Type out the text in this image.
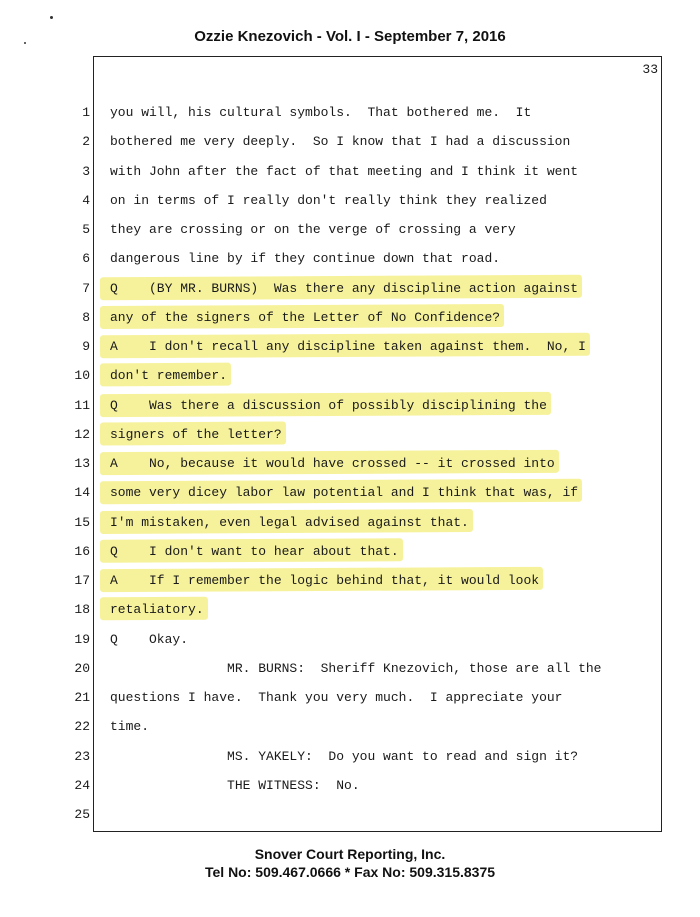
Ozzie Knezovich - Vol. I - September 7, 2016
33
1 you will, his cultural symbols.  That bothered me.  It
2 bothered me very deeply.  So I know that I had a discussion
3 with John after the fact of that meeting and I think it went
4 on in terms of I really don't really think they realized
5 they are crossing or on the verge of crossing a very
6 dangerous line by if they continue down that road.
7 Q    (BY MR. BURNS)  Was there any discipline action against
8 any of the signers of the Letter of No Confidence?
9 A    I don't recall any discipline taken against them.  No, I
10 don't remember.
11 Q    Was there a discussion of possibly disciplining the
12 signers of the letter?
13 A    No, because it would have crossed -- it crossed into
14 some very dicey labor law potential and I think that was, if
15 I'm mistaken, even legal advised against that.
16 Q    I don't want to hear about that.
17 A    If I remember the logic behind that, it would look
18 retaliatory.
19 Q    Okay.
20 MR. BURNS:  Sheriff Knezovich, those are all the
21 questions I have.  Thank you very much.  I appreciate your
22 time.
23 MS. YAKELY:  Do you want to read and sign it?
24 THE WITNESS:  No.
25
Snover Court Reporting, Inc.
Tel No: 509.467.0666 * Fax No: 509.315.8375
